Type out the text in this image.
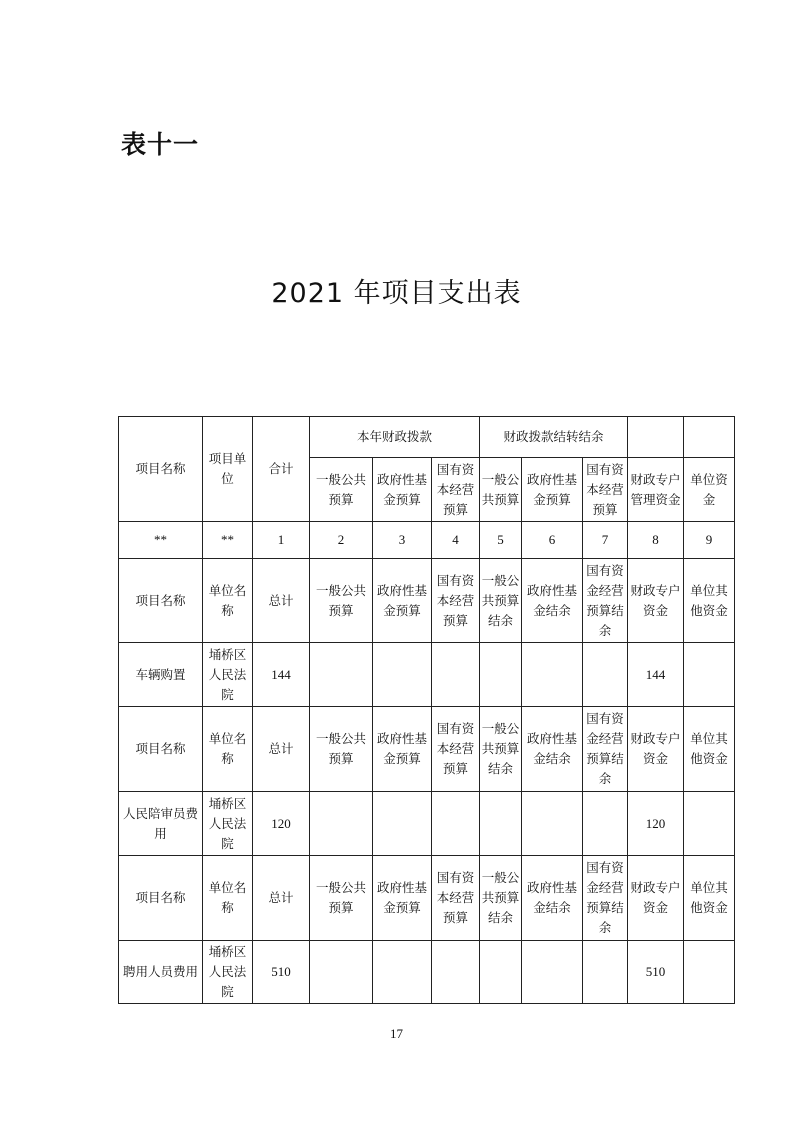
表十一
2021 年项目支出表
项目名称	项目单位	合计	本年财政拨款			财政拨款结转结余				
			一般公共预算	政府性基金预算	国有资本经营预算	一般公共预算	政府性基金预算	国有资本经营预算	财政专户管理资金	单位资金
**	**	1	2	3	4	5	6	7	8	9
项目名称	单位名称	总计	一般公共预算	政府性基金预算	国有资本经营预算	一般公共预算结余	政府性基金结余	国有资金经营预算结余	财政专户资金	单位其他资金
车辆购置	埇桥区人民法院	144							144	
项目名称	单位名称	总计	一般公共预算	政府性基金预算	国有资本经营预算	一般公共预算结余	政府性基金结余	国有资金经营预算结余	财政专户资金	单位其他资金
人民陪审员费用	埇桥区人民法院	120							120	
项目名称	单位名称	总计	一般公共预算	政府性基金预算	国有资本经营预算	一般公共预算结余	政府性基金结余	国有资金经营预算结余	财政专户资金	单位其他资金
聘用人员费用	埇桥区人民法院	510							510	
17
